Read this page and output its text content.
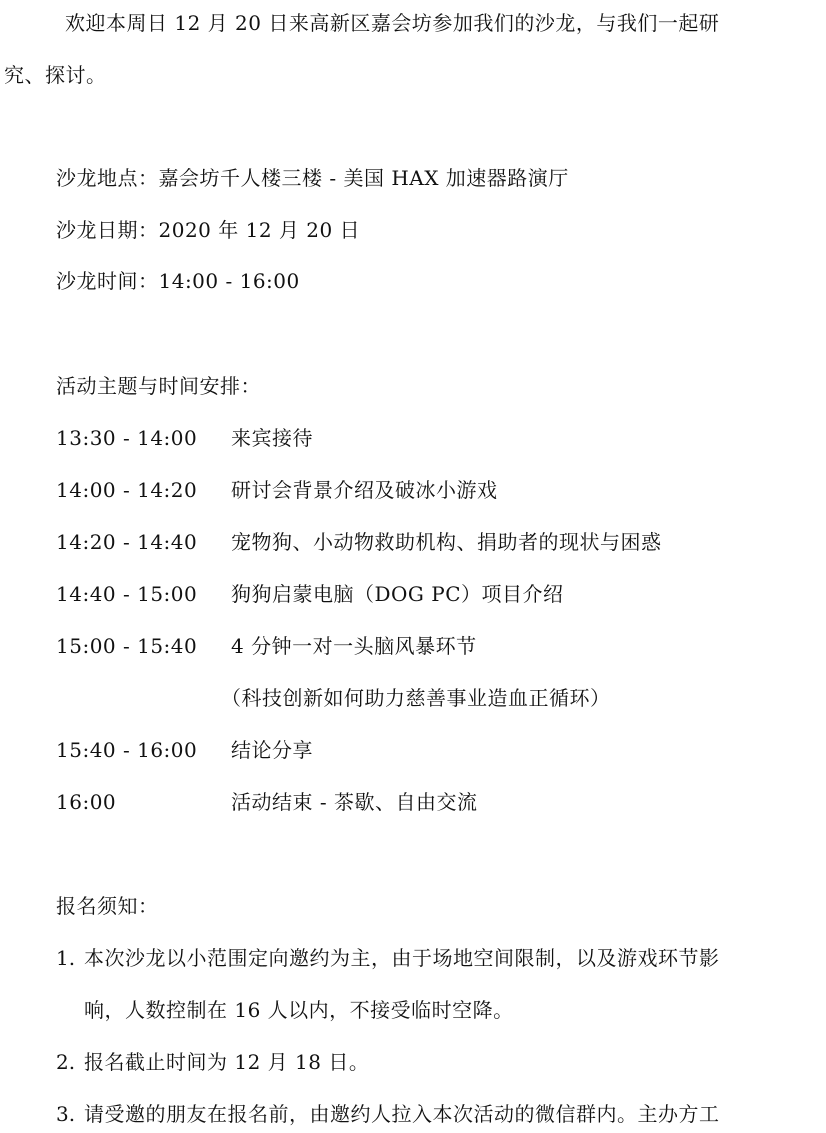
欢迎本周日 12 月 20 日来高新区嘉会坊参加我们的沙龙，与我们一起研
究、探讨。
沙龙地点：嘉会坊千人楼三楼 - 美国 HAX 加速器路演厅
沙龙日期：2020 年 12 月 20 日
沙龙时间：14:00 - 16:00
活动主题与时间安排：
13:30 - 14:00 来宾接待
14:00 - 14:20 研讨会背景介绍及破冰小游戏
14:20 - 14:40 宠物狗、小动物救助机构、捐助者的现状与困惑
14:40 - 15:00 狗狗启蒙电脑（DOG PC）项目介绍
15:00 - 15:40 4 分钟一对一头脑风暴环节
（科技创新如何助力慈善事业造血正循环）
15:40 - 16:00 结论分享
16:00	活动结束 - 茶歇、自由交流
报名须知：
1. 本次沙龙以小范围定向邀约为主，由于场地空间限制，以及游戏环节影
响，人数控制在 16 人以内，不接受临时空降。
2. 报名截止时间为 12 月 18 日。
3. 请受邀的朋友在报名前，由邀约人拉入本次活动的微信群内。主办方工
